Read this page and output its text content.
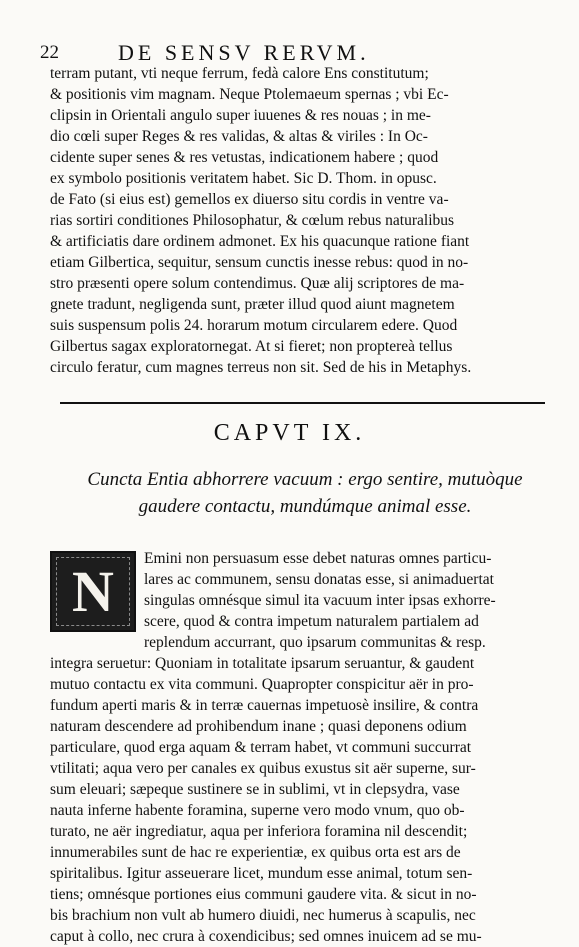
22	DE SENSV RERVM.
terram putant, vti neque ferrum, fedà calore Ens constitutum;
& positionis vim magnam. Neque Ptolemaeum spernas ; vbi Ec-
clipsin in Orientali angulo super iuuenes & res nouas ; in me-
dio cœli super Reges & res validas, & altas & viriles : In Oc-
cidente super senes & res vetustas, indicationem habere ; quod
ex symbolo positionis veritatem habet. Sic D. Thom. in opusc.
de Fato (si eius est) gemellos ex diuerso situ cordis in ventre va-
rias sortiri conditiones Philosophatur, & cœlum rebus naturalibus
& artificiatis dare ordinem admonet. Ex his quacunque ratione fiant
etiam Gilbertica, sequitur, sensum cunctis inesse rebus: quod in no-
stro præsenti opere solum contendimus. Quæ alij scriptores de ma-
gnete tradunt, negligenda sunt, præter illud quod aiunt magnetem
suis suspensum polis 24. horarum motum circularem edere. Quod
Gilbertus sagax exploratornegat. At si fieret; non proptereà tellus
circulo feratur, cum magnes terreus non sit. Sed de his in Metaphys.
CAPVT IX.
Cuncta Entia abhorrere vacuum : ergo sentire, mutuòque
gaudere contactu, mundúmque animal esse.
N	Emini non persuasum esse debet naturas omnes particu-
lares ac communem, sensu donatas esse, si animaduertat
singulas omnésque simul ita vacuum inter ipsas exhorre-
scere, quod & contra impetum naturalem partialem ad
replendum accurrant, quo ipsarum communitas & resp.
integra seruetur: Quoniam in totalitate ipsarum seruantur, & gaudent
mutuo contactu ex vita communi. Quapropter conspicitur aër in pro-
fundum aperti maris & in terræ cauernas impetuosè insilire, & contra
naturam descendere ad prohibendum inane ; quasi deponens odium
particulare, quod erga aquam & terram habet, vt communi succurrat
vtilitati; aqua vero per canales ex quibus exustus sit aër superne, sur-
sum eleuari; sæpeque sustinere se in sublimi, vt in clepsydra, vase
nauta inferne habente foramina, superne vero modo vnum, quo ob-
turato, ne aër ingrediatur, aqua per inferiora foramina nil descendit;
innumerabiles sunt de hac re experientiæ, ex quibus orta est ars de
spiritalibus. Igitur asseuerare licet, mundum esse animal, totum sen-
tiens; omnésque portiones eius communi gaudere vita. & sicut in no-
bis brachium non vult ab humero diuidi, nec humerus à scapulis, nec
caput à collo, nec crura à coxendicibus; sed omnes inuicem ad se mu-
